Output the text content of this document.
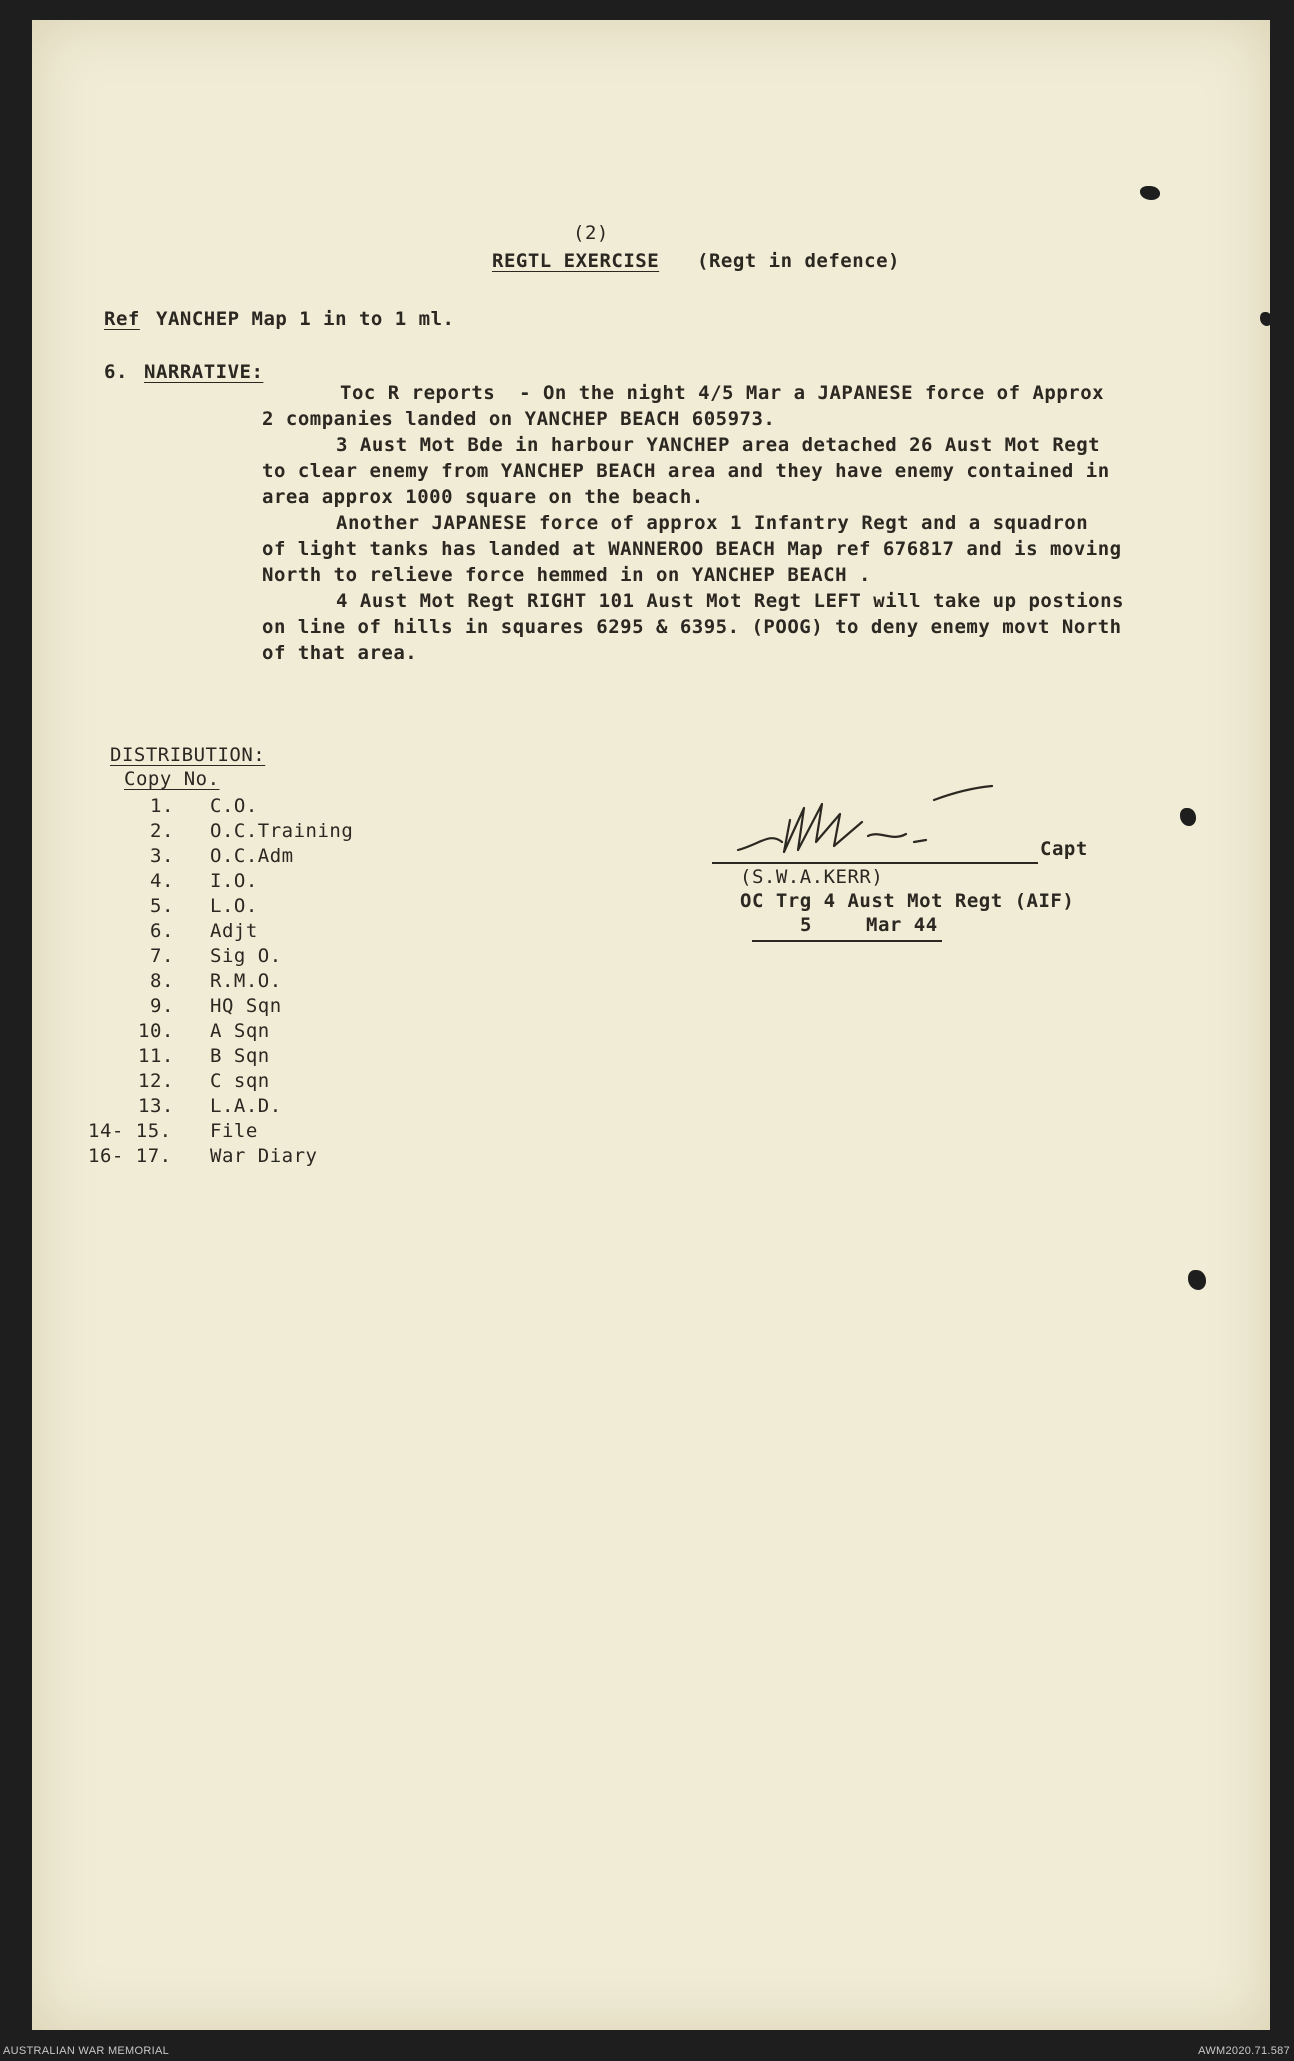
(2)
REGTL EXERCISE (Regt in defence)
Ref YANCHEP Map 1 in to 1 ml.
6. NARRATIVE:
Toc R reports  - On the night 4/5 Mar a JAPANESE force of Approx
2 companies landed on YANCHEP BEACH 605973.
3 Aust Mot Bde in harbour YANCHEP area detached 26 Aust Mot Regt
to clear enemy from YANCHEP BEACH area and they have enemy contained in
area approx 1000 square on the beach.
Another JAPANESE force of approx 1 Infantry Regt and a squadron
of light tanks has landed at WANNEROO BEACH Map ref 676817 and is moving
North to relieve force hemmed in on YANCHEP BEACH .
4 Aust Mot Regt RIGHT 101 Aust Mot Regt LEFT will take up postions
on line of hills in squares 6295 & 6395. (POOG) to deny enemy movt North
of that area.
DISTRIBUTION:
Copy No.
1. C.O.
2. O.C.Training
3. O.C.Adm
4. I.O.
5. L.O.
6. Adjt
7. Sig O.
8. R.M.O.
9. HQ Sqn
10. A Sqn
11. B Sqn
12. C sqn
13. L.A.D.
14- 15. File
16- 17. War Diary
Capt
(S.W.A.KERR)
OC Trg 4 Aust Mot Regt (AIF)
5	Mar 44
AUSTRALIAN WAR MEMORIAL	AWM2020.71.587
